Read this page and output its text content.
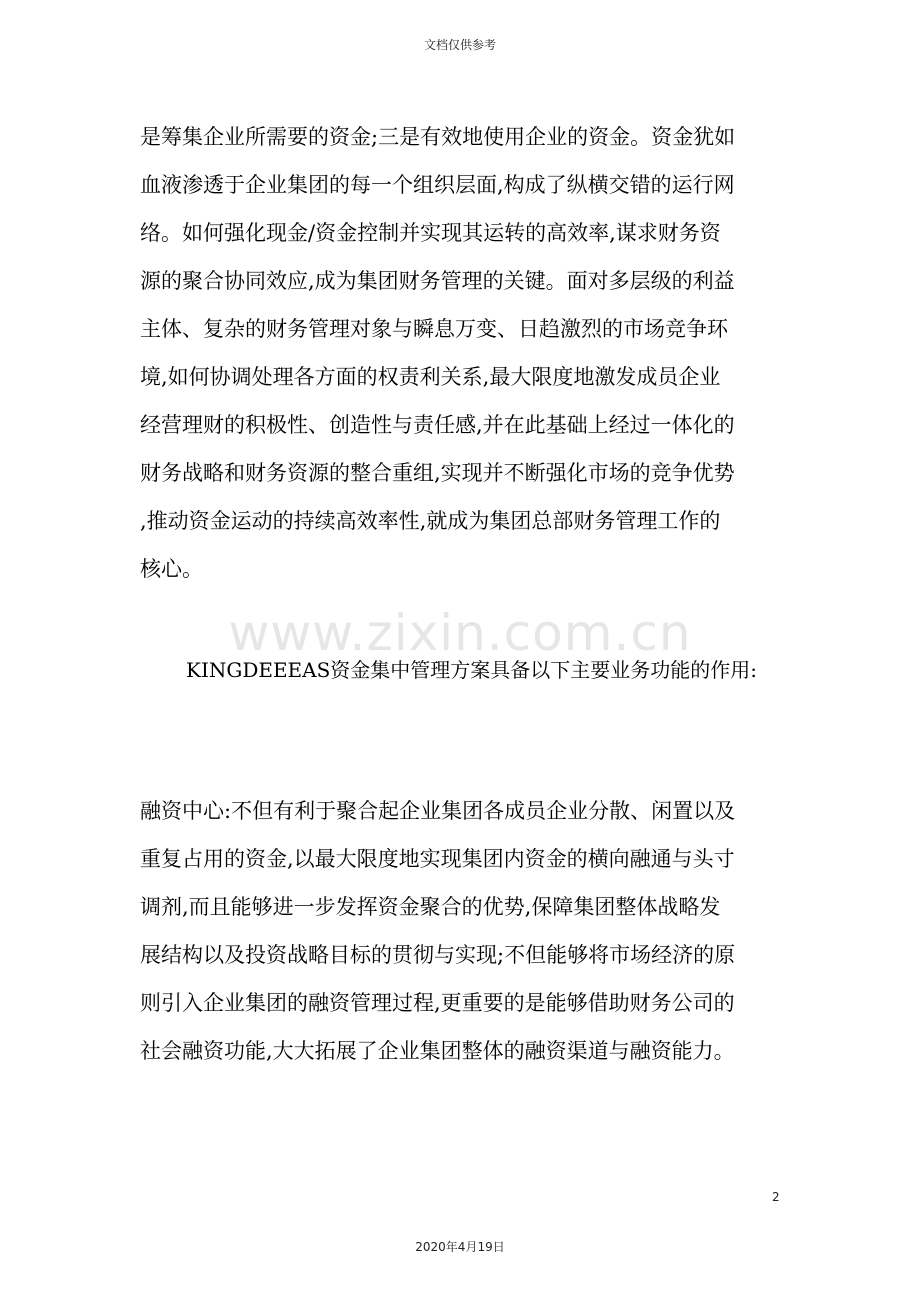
文档仅供参考
www.zixin.com.cn
是筹集企业所需要的资金;三是有效地使用企业的资金。资金犹如
血液渗透于企业集团的每一个组织层面,构成了纵横交错的运行网
络。如何强化现金/资金控制并实现其运转的高效率,谋求财务资
源的聚合协同效应,成为集团财务管理的关键。面对多层级的利益
主体、复杂的财务管理对象与瞬息万变、日趋激烈的市场竞争环
境,如何协调处理各方面的权责利关系,最大限度地激发成员企业
经营理财的积极性、创造性与责任感,并在此基础上经过一体化的
财务战略和财务资源的整合重组,实现并不断强化市场的竞争优势
,推动资金运动的持续高效率性,就成为集团总部财务管理工作的
核心。
KINGDEEEAS资金集中管理方案具备以下主要业务功能的作用:
融资中心:不但有利于聚合起企业集团各成员企业分散、闲置以及
重复占用的资金,以最大限度地实现集团内资金的横向融通与头寸
调剂,而且能够进一步发挥资金聚合的优势,保障集团整体战略发
展结构以及投资战略目标的贯彻与实现;不但能够将市场经济的原
则引入企业集团的融资管理过程,更重要的是能够借助财务公司的
社会融资功能,大大拓展了企业集团整体的融资渠道与融资能力。
2
2020年4月19日
